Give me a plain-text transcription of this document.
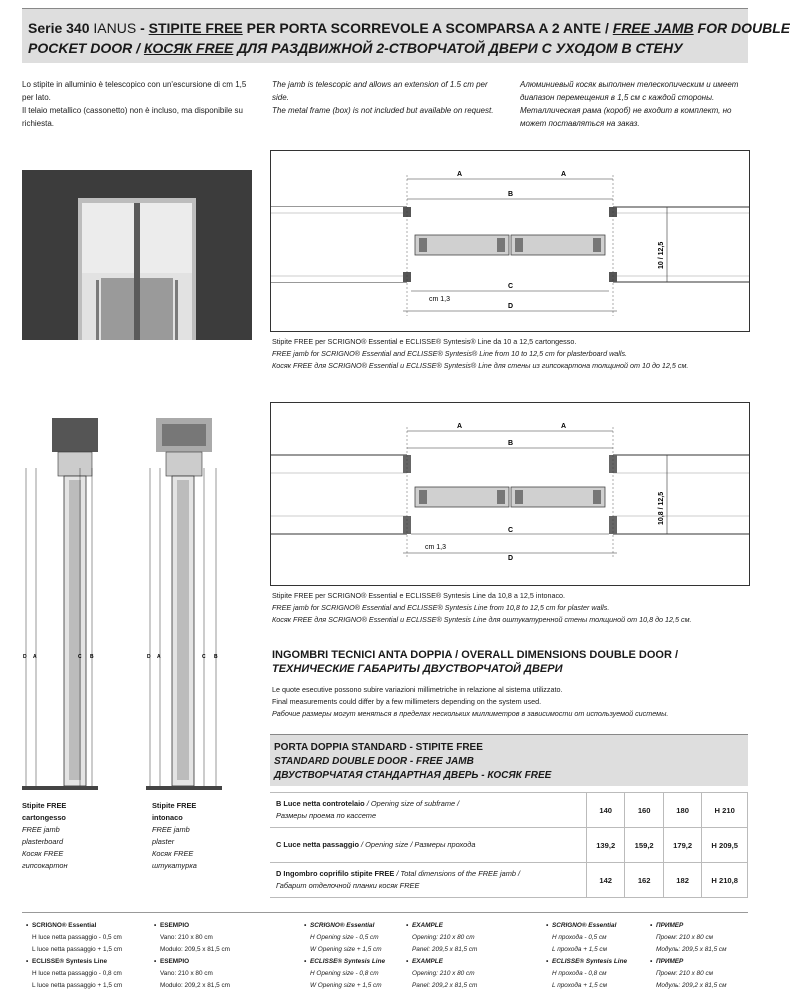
Serie 340 IANUS - STIPITE FREE PER PORTA SCORREVOLE A SCOMPARSA A 2 ANTE / FREE JAMB FOR DOUBLE
POCKET DOOR / КОСЯК FREE ДЛЯ РАЗДВИЖНОЙ 2-СТВОРЧАТОЙ ДВЕРИ С УХОДОМ В СТЕНУ

Lo stipite in alluminio è telescopico con un'escursione di cm 1,5 per lato.

Il telaio metallico (cassonetto) non è incluso, ma disponibile su richiesta.

The jamb is telescopic and allows an extension of 1.5 cm per side.

The metal frame (box) is not included but available on request.

Алюминиевый косяк выполнен телескопическим и имеет диапазон перемещения в 1,5 см с каждой стороны.

Металлическая рама (короб) не входит в комплект, но может поставляться на заказ.

A	A
B
C
D
cm 1,3
10 / 12,5

Stipite FREE per SCRIGNO® Essential e ECLISSE® Syntesis® Line da 10 a 12,5 cartongesso.

FREE jamb for SCRIGNO® Essential and ECLISSE® Syntesis® Line from 10 to 12,5 cm for plasterboard walls.

Косяк FREE для SCRIGNO® Essential и ECLISSE® Syntesis® Line для стены из гипсокартона толщиной от 10 до 12,5 см.

A	A
B
C
D
cm 1,3
10,8 / 12,5

Stipite FREE per SCRIGNO® Essential e ECLISSE® Syntesis Line da 10,8 a 12,5 intonaco.

FREE jamb for SCRIGNO® Essential and ECLISSE® Syntesis Line from 10,8 to 12,5 cm for plaster walls.

Косяк FREE для SCRIGNO® Essential и ECLISSE® Syntesis Line для оштукатуренной стены толщиной от 10,8 до 12,5 см.

D A	C B	D A	C B
Stipite FREE
cartongesso
FREE jamb
plasterboard
Косяк FREE
гипсокартон
Stipite FREE
intonaco
FREE jamb
plaster
Косяк FREE
штукатурка
INGOMBRI TECNICI ANTA DOPPIA / OVERALL DIMENSIONS DOUBLE DOOR /
ТЕХНИЧЕСКИЕ ГАБАРИТЫ ДВУСТВОРЧАТОЙ ДВЕРИ

Le quote esecutive possono subire variazioni millimetriche in relazione al sistema utilizzato.

Final measurements could differ by a few millimeters depending on the system used.

Рабочие размеры могут меняться в пределах нескольких миллиметров в зависимости от используемой системы.

PORTA DOPPIA STANDARD - STIPITE FREE
STANDARD DOUBLE DOOR - FREE JAMB
ДВУСТВОРЧАТАЯ СТАНДАРТНАЯ ДВЕРЬ - КОСЯК FREE
B Luce netta controtelaio / Opening size of subframe /
Размеры проема по кассете	140	160	180	H 210
C Luce netta passaggio / Opening size / Размеры прохода	139,2	159,2	179,2	H 209,5
D Ingombro coprifilo stipite FREE / Total dimensions of the FREE jamb /
Габарит отделочной планки косяк FREE	142	162	182	H 210,8
• SCRIGNO® Essential
H luce netta passaggio - 0,5 cm
L luce netta passaggio + 1,5 cm
• ECLISSE® Syntesis Line
H luce netta passaggio - 0,8 cm
L luce netta passaggio + 1,5 cm
• ESEMPIO
Vano: 210 x 80 cm
Modulo: 209,5 x 81,5 cm
• ESEMPIO
Vano: 210 x 80 cm
Modulo: 209,2 x 81,5 cm
• SCRIGNO® Essential
H Opening size - 0,5 cm
W Opening size + 1,5 cm
• ECLISSE® Syntesis Line
H Opening size - 0,8 cm
W Opening size + 1,5 cm
• EXAMPLE
Opening: 210 x 80 cm
Panel: 209,5 x 81,5 cm
• EXAMPLE
Opening: 210 x 80 cm
Panel: 209,2 x 81,5 cm
• SCRIGNO® Essential
H прохода - 0,5 см
L прохода + 1,5 см
• ECLISSE® Syntesis Line
H прохода - 0,8 см
L прохода + 1,5 см
• ПРИМЕР
Проем: 210 x 80 см
Модуль: 209,5 x 81,5 см
• ПРИМЕР
Проем: 210 x 80 см
Модуль: 209,2 x 81,5 см
